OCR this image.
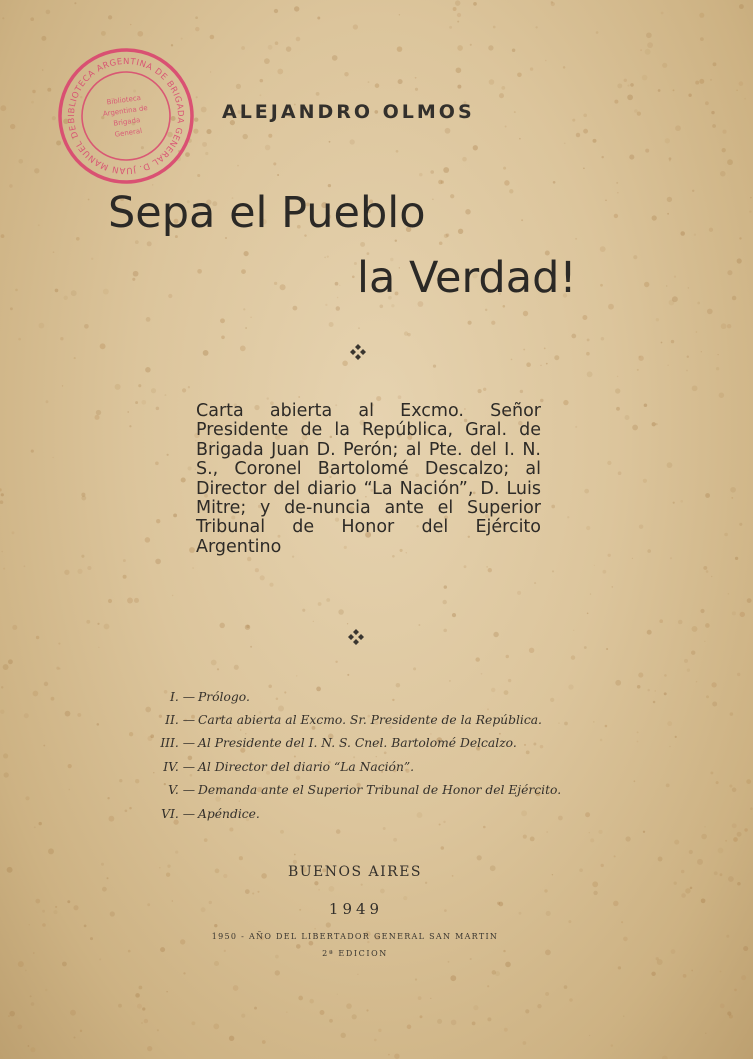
BIBLIOTECA ARGENTINA DE BRIGADA GENERAL D. JUAN MANUEL DE
Biblioteca
Argentina de
Brigada
General
ALEJANDRO OLMOS
Sepa el Pueblo
la Verdad!
Carta abierta al Excmo. Señor Presidente de la República, Gral. de Brigada Juan D. Perón; al Pte. del I. N. S., Coronel Bartolomé Descalzo; al Director del diario “La Nación”, D. Luis Mitre; y de-nuncia ante el Superior Tribunal de Honor del Ejército Argentino
I. — Prólogo.
II. — Carta abierta al Excmo. Sr. Presidente de la República.
III. — Al Presidente del I. N. S. Cnel. Bartolomé Delcalzo.
IV. — Al Director del diario “La Nación”.
V. — Demanda ante el Superior Tribunal de Honor del Ejército.
VI. — Apéndice.
BUENOS AIRES
1949
1950 - AÑO DEL LIBERTADOR GENERAL SAN MARTIN
2ª EDICION
